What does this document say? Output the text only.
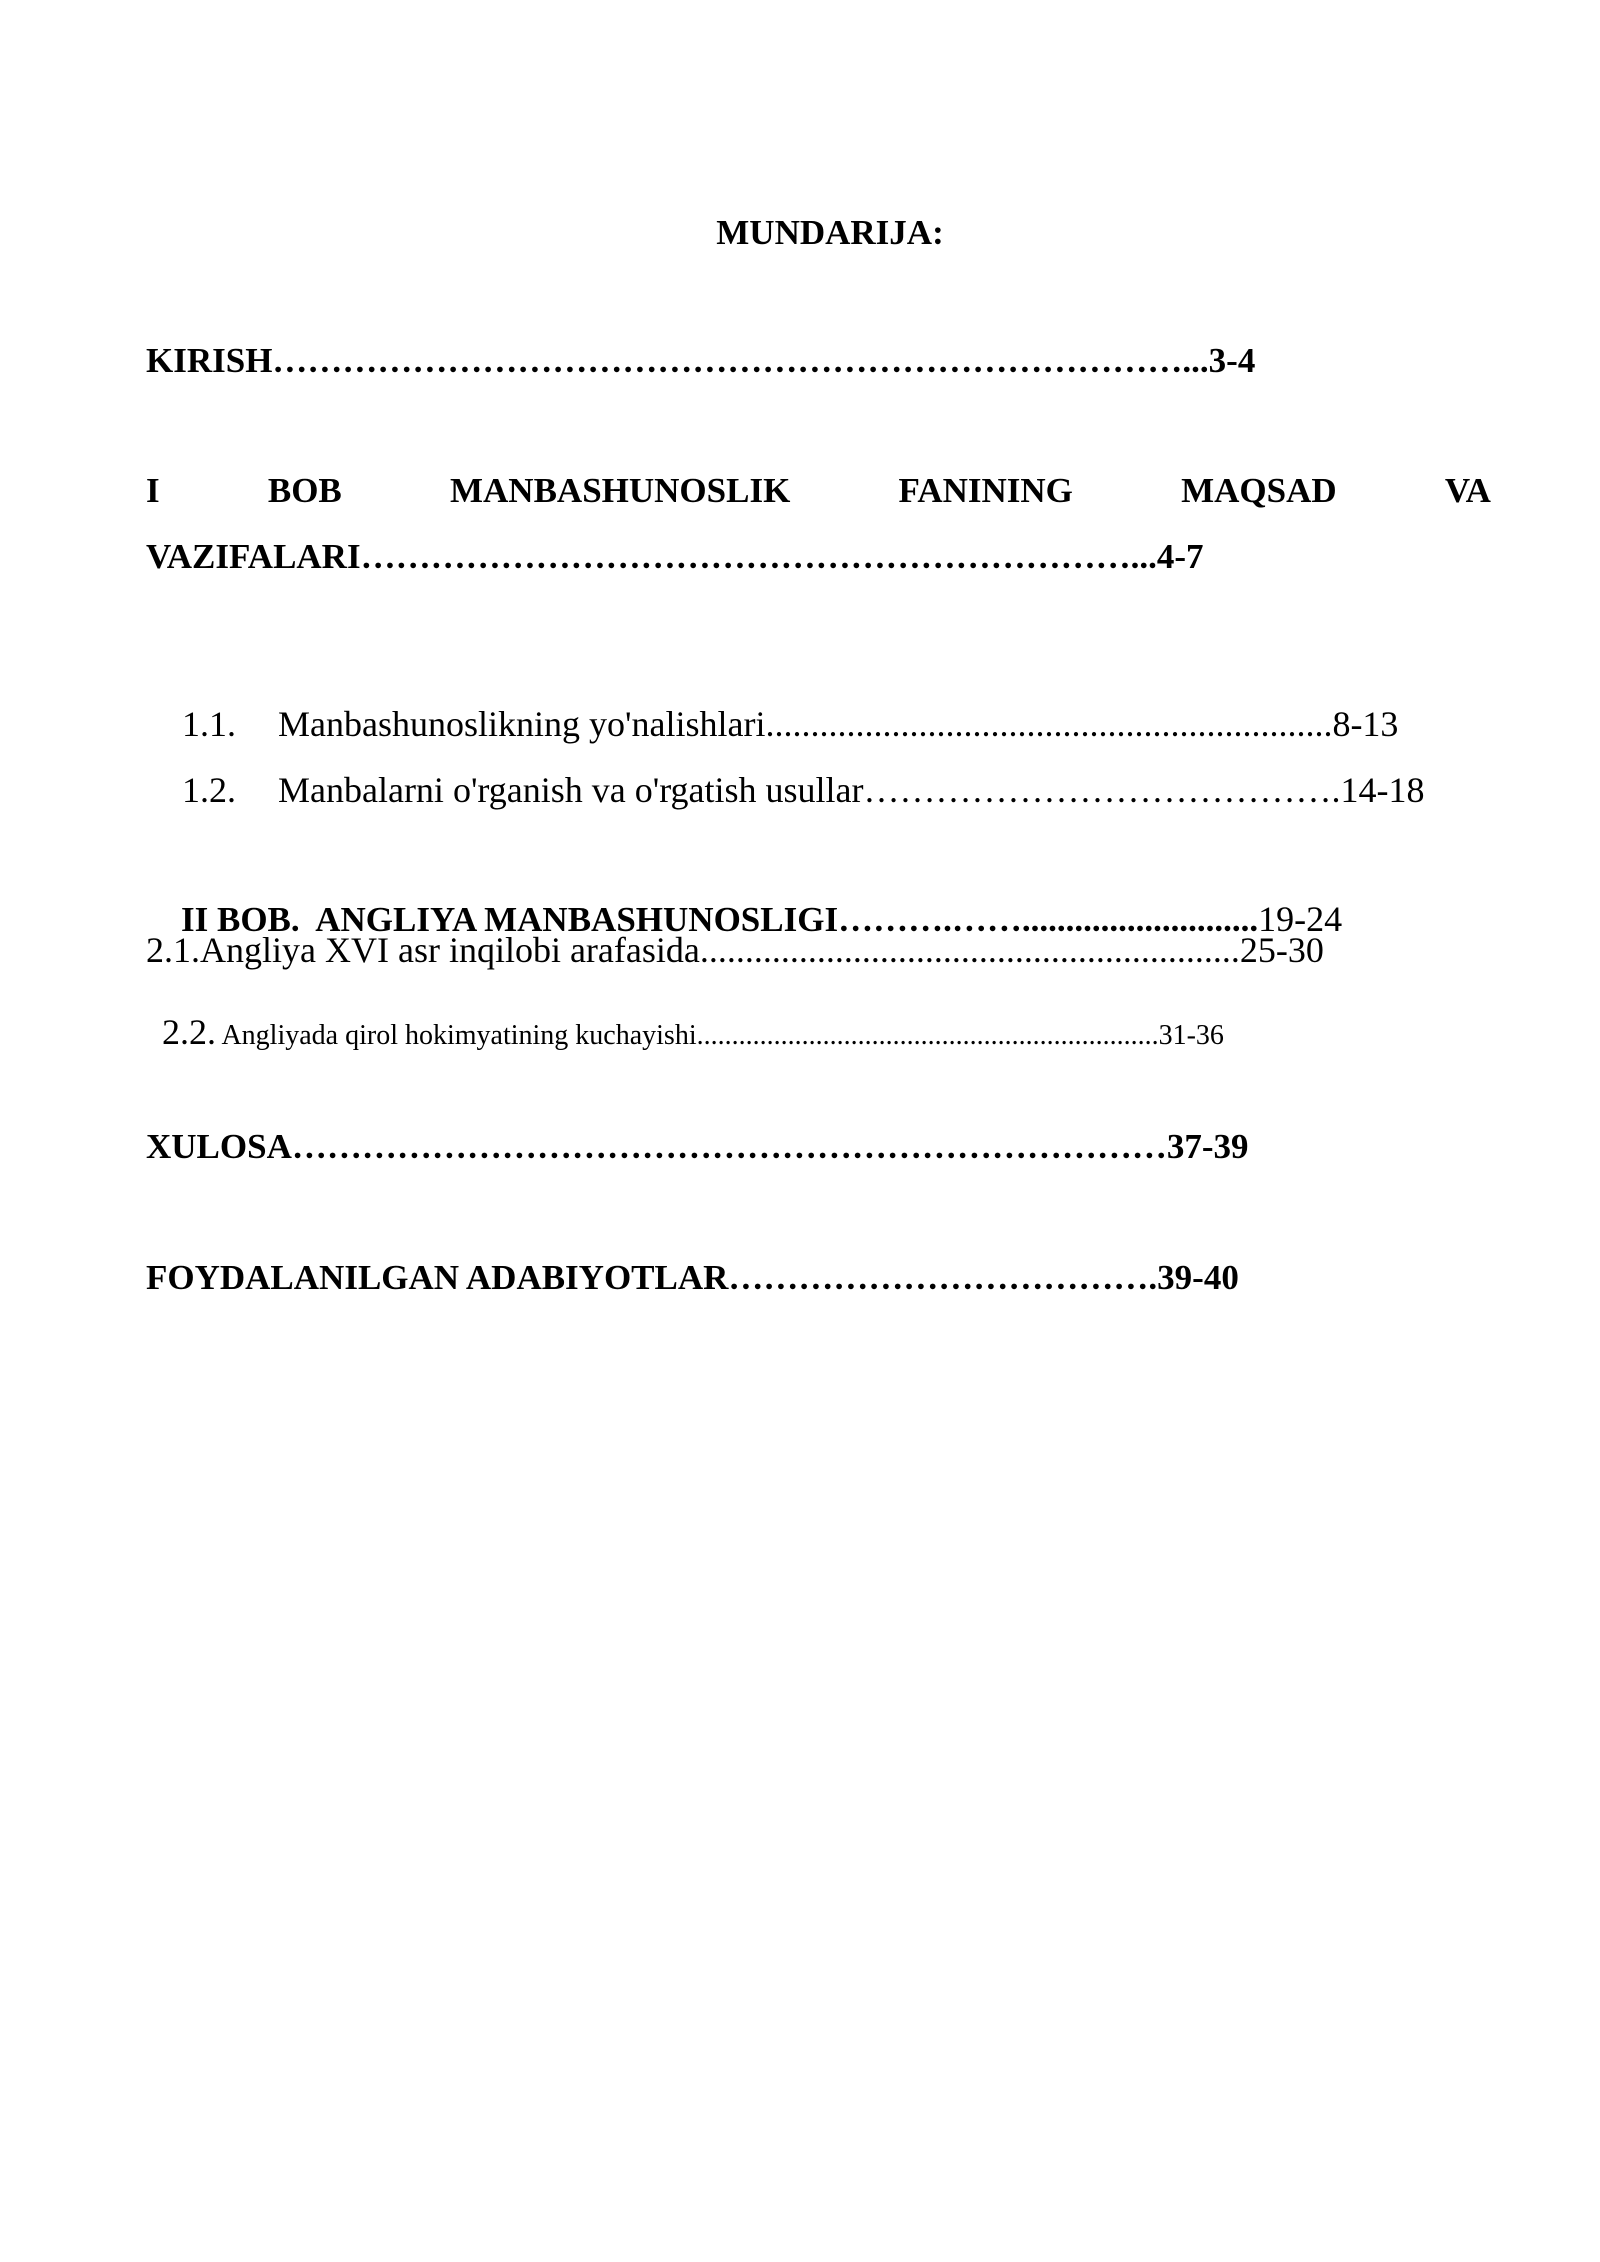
MUNDARIJA:
KIRISH……………………………………………………………………...3-4
I	BOB	MANBASHUNOSLIK	FANINING	MAQSAD	VA
VAZIFALARI…………………………………………………………...4-7

1.1. Manbashunoslikning yo'nalishlari...............................................................8-13

1.2. Manbalarni o'rganish va o'rgatish usullar………………………………….14-18

II BOB.  ANGLIYA MANBASHUNOSLIGI……….……...........................19-24

2.1.Angliya XVI asr inqilobi arafasida............................................................25-30

2.2. Angliyada qirol hokimyatining kuchayishi..................................................................31-36

XULOSA…………………………………………………………………37-39
FOYDALANILGAN ADABIYOTLAR……………………………….39-40
